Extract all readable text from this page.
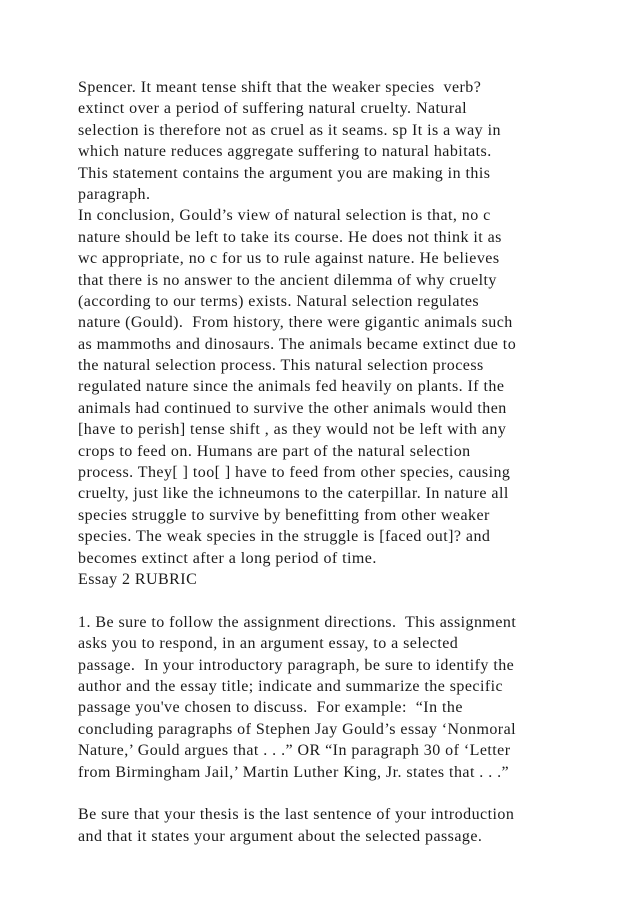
Spencer. It meant tense shift that the weaker species  verb?
extinct over a period of suffering natural cruelty. Natural
selection is therefore not as cruel as it seams. sp It is a way in
which nature reduces aggregate suffering to natural habitats.
This statement contains the argument you are making in this
paragraph.
In conclusion, Gould’s view of natural selection is that, no c
nature should be left to take its course. He does not think it as
wc appropriate, no c for us to rule against nature. He believes
that there is no answer to the ancient dilemma of why cruelty
(according to our terms) exists. Natural selection regulates
nature (Gould).  From history, there were gigantic animals such
as mammoths and dinosaurs. The animals became extinct due to
the natural selection process. This natural selection process
regulated nature since the animals fed heavily on plants. If the
animals had continued to survive the other animals would then
[have to perish] tense shift , as they would not be left with any
crops to feed on. Humans are part of the natural selection
process. They[ ] too[ ] have to feed from other species, causing
cruelty, just like the ichneumons to the caterpillar. In nature all
species struggle to survive by benefitting from other weaker
species. The weak species in the struggle is [faced out]? and
becomes extinct after a long period of time.
Essay 2 RUBRIC
1. Be sure to follow the assignment directions.  This assignment
asks you to respond, in an argument essay, to a selected
passage.  In your introductory paragraph, be sure to identify the
author and the essay title; indicate and summarize the specific
passage you've chosen to discuss.  For example:  “In the
concluding paragraphs of Stephen Jay Gould’s essay ‘Nonmoral
Nature,’ Gould argues that . . .” OR “In paragraph 30 of ‘Letter
from Birmingham Jail,’ Martin Luther King, Jr. states that . . .”
Be sure that your thesis is the last sentence of your introduction
and that it states your argument about the selected passage.
